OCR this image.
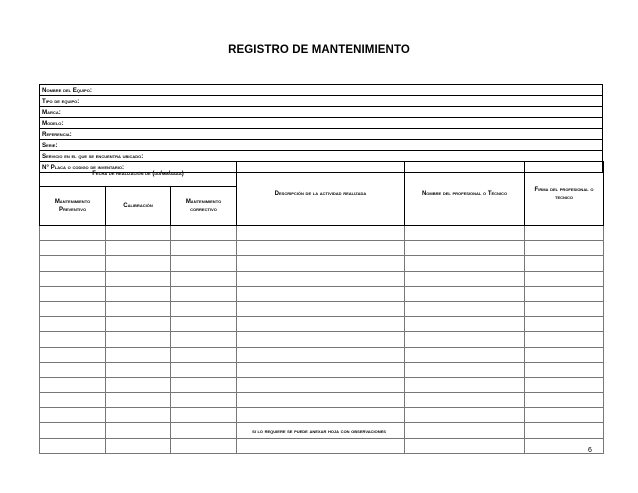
REGISTRO DE MANTENIMIENTO
Nombre del Equipo:
Tipo de equipo:
Marca:
Modelo:
Referencia:
Serie:
Servicio en el que se encuentra ubicado:
N° Placa o codigo de inventario:
Fecha de realización de (dd/mm/aaaa)			Descripción de la actividad realizada	Nombre del profesional o Técnico	Firma del profesional o tecnico
Mantenimiento Preventivo	Calibración	Mantenimiento correctivo			

si lo requiere se puede anexar hoja con observaciones
6
